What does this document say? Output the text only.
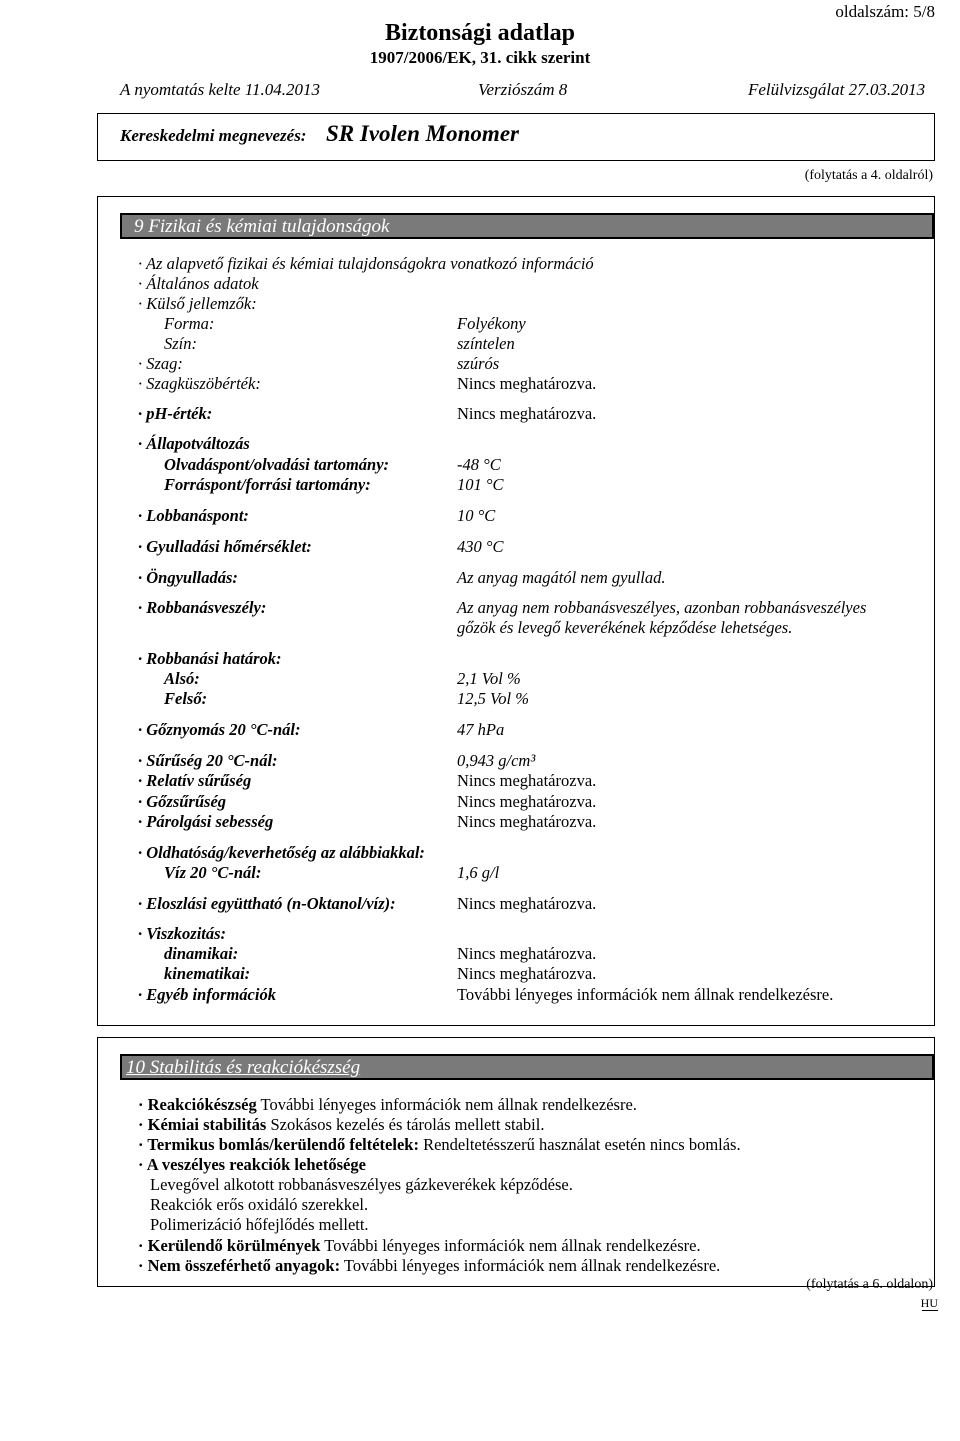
oldalszám: 5/8
Biztonsági adatlap
1907/2006/EK, 31. cikk szerint
A nyomtatás kelte 11.04.2013	Verziószám 8	Felülvizsgálat 27.03.2013
Kereskedelmi megnevezés: SR Ivolen Monomer
(folytatás a 4. oldalról)
9 Fizikai és kémiai tulajdonságok
· Az alapvető fizikai és kémiai tulajdonságokra vonatkozó információ
· Általános adatok
· Külső jellemzők:
Forma:	Folyékony
Szín:	színtelen
· Szag:	szúrós
· Szagküszöbérték:	Nincs meghatározva.
· pH-érték:	Nincs meghatározva.
· Állapotváltozás
Olvadáspont/olvadási tartomány:	-48 °C
Forráspont/forrási tartomány:	101 °C
· Lobbanáspont:	10 °C
· Gyulladási hőmérséklet:	430 °C
· Öngyulladás:	Az anyag magától nem gyullad.
· Robbanásveszély:	Az anyag nem robbanásveszélyes, azonban robbanásveszélyes
gőzök és levegő keverékének képződése lehetséges.
· Robbanási határok:
Alsó:	2,1 Vol %
Felső:	12,5 Vol %
· Gőznyomás 20 °C-nál:	47 hPa
· Sűrűség 20 °C-nál:	0,943 g/cm³
· Relatív sűrűség	Nincs meghatározva.
· Gőzsűrűség	Nincs meghatározva.
· Párolgási sebesség	Nincs meghatározva.
· Oldhatóság/keverhetőség az alábbiakkal:
Víz 20 °C-nál:	1,6 g/l
· Eloszlási együttható (n-Oktanol/víz):	Nincs meghatározva.
· Viszkozitás:
dinamikai:	Nincs meghatározva.
kinematikai:	Nincs meghatározva.
· Egyéb információk	További lényeges információk nem állnak rendelkezésre.
10 Stabilitás és reakciókészség
· Reakciókészség További lényeges információk nem állnak rendelkezésre.
· Kémiai stabilitás Szokásos kezelés és tárolás mellett stabil.
· Termikus bomlás/kerülendő feltételek: Rendeltetésszerű használat esetén nincs bomlás.
· A veszélyes reakciók lehetősége
Levegővel alkotott robbanásveszélyes gázkeverékek képződése.
Reakciók erős oxidáló szerekkel.
Polimerizáció hőfejlődés mellett.
· Kerülendő körülmények További lényeges információk nem állnak rendelkezésre.
· Nem összeférhető anyagok: További lényeges információk nem állnak rendelkezésre.
(folytatás a 6. oldalon)
HU
